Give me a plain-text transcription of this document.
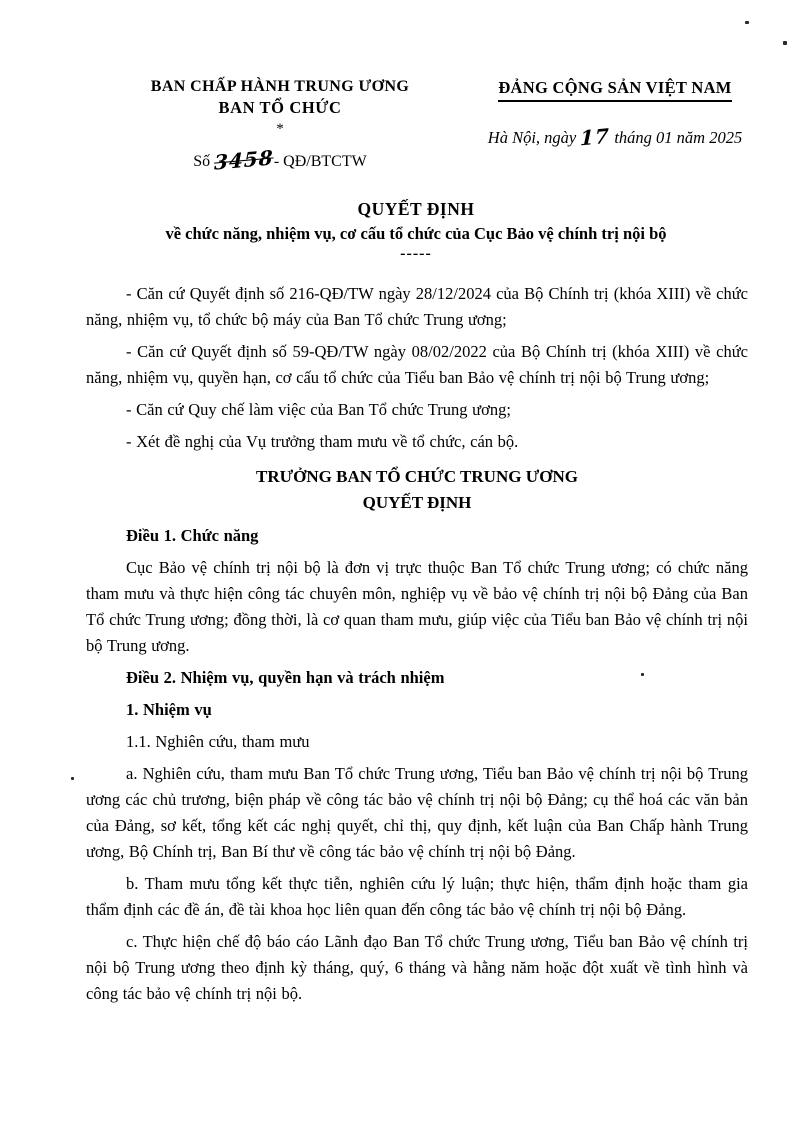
BAN CHẤP HÀNH TRUNG ƯƠNG
BAN TỔ CHỨC
*
Số 3458- QĐ/BTCTW
ĐẢNG CỘNG SẢN VIỆT NAM
Hà Nội, ngày 17 tháng 01 năm 2025
QUYẾT ĐỊNH
về chức năng, nhiệm vụ, cơ cấu tổ chức của Cục Bảo vệ chính trị nội bộ
-----

- Căn cứ Quyết định số 216-QĐ/TW ngày 28/12/2024 của Bộ Chính trị (khóa XIII) về chức năng, nhiệm vụ, tổ chức bộ máy của Ban Tổ chức Trung ương;

- Căn cứ Quyết định số 59-QĐ/TW ngày 08/02/2022 của Bộ Chính trị (khóa XIII) về chức năng, nhiệm vụ, quyền hạn, cơ cấu tổ chức của Tiểu ban Bảo vệ chính trị nội bộ Trung ương;

- Căn cứ Quy chế làm việc của Ban Tổ chức Trung ương;

- Xét đề nghị của Vụ trưởng tham mưu về tổ chức, cán bộ.

TRƯỞNG BAN TỔ CHỨC TRUNG ƯƠNG
QUYẾT ĐỊNH

Điều 1. Chức năng

Cục Bảo vệ chính trị nội bộ là đơn vị trực thuộc Ban Tổ chức Trung ương; có chức năng tham mưu và thực hiện công tác chuyên môn, nghiệp vụ về bảo vệ chính trị nội bộ Đảng của Ban Tổ chức Trung ương; đồng thời, là cơ quan tham mưu, giúp việc của Tiểu ban Bảo vệ chính trị nội bộ Trung ương.

Điều 2. Nhiệm vụ, quyền hạn và trách nhiệm

1. Nhiệm vụ

1.1. Nghiên cứu, tham mưu

a. Nghiên cứu, tham mưu Ban Tổ chức Trung ương, Tiểu ban Bảo vệ chính trị nội bộ Trung ương các chủ trương, biện pháp về công tác bảo vệ chính trị nội bộ Đảng; cụ thể hoá các văn bản của Đảng, sơ kết, tổng kết các nghị quyết, chỉ thị, quy định, kết luận của Ban Chấp hành Trung ương, Bộ Chính trị, Ban Bí thư về công tác bảo vệ chính trị nội bộ Đảng.

b. Tham mưu tổng kết thực tiễn, nghiên cứu lý luận; thực hiện, thẩm định hoặc tham gia thẩm định các đề án, đề tài khoa học liên quan đến công tác bảo vệ chính trị nội bộ Đảng.

c. Thực hiện chế độ báo cáo Lãnh đạo Ban Tổ chức Trung ương, Tiểu ban Bảo vệ chính trị nội bộ Trung ương theo định kỳ tháng, quý, 6 tháng và hằng năm hoặc đột xuất về tình hình và công tác bảo vệ chính trị nội bộ.
